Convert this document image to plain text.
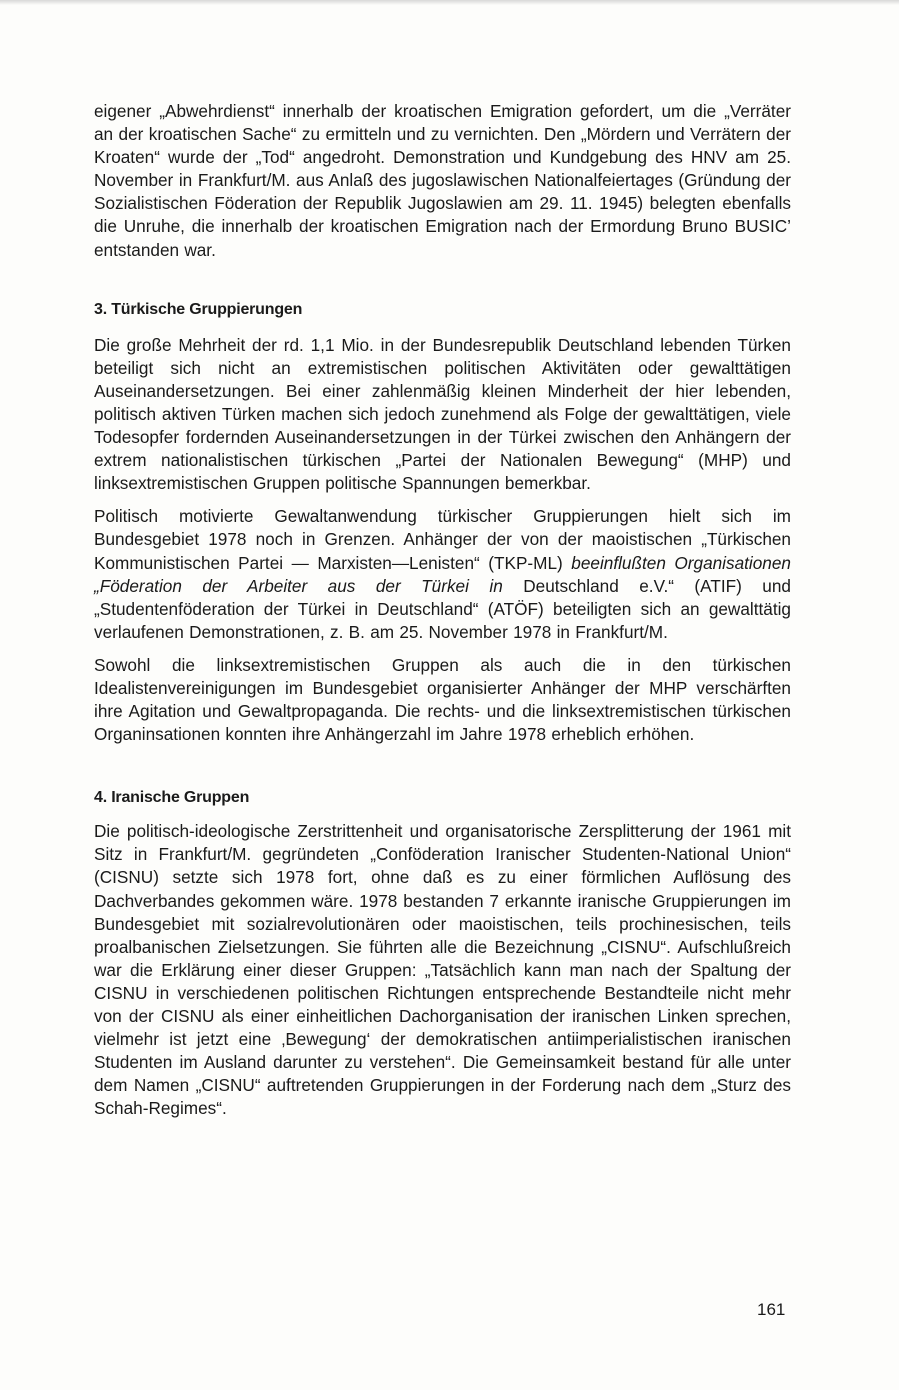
eigener „Abwehrdienst“ innerhalb der kroatischen Emigration gefordert, um die „Verräter an der kroatischen Sache“ zu ermitteln und zu vernichten. Den „Mördern und Verrätern der Kroaten“ wurde der „Tod“ angedroht. Demonstration und Kundgebung des HNV am 25. November in Frankfurt/M. aus Anlaß des jugoslawischen Nationalfeiertages (Gründung der Sozialistischen Föderation der Republik Jugoslawien am 29. 11. 1945) belegten ebenfalls die Unruhe, die innerhalb der kroatischen Emigration nach der Ermordung Bruno BUSIC’ entstanden war.

3. Türkische Gruppierungen

Die große Mehrheit der rd. 1,1 Mio. in der Bundesrepublik Deutschland lebenden Türken beteiligt sich nicht an extremistischen politischen Aktivitäten oder gewalttätigen Auseinandersetzungen. Bei einer zahlenmäßig kleinen Minderheit der hier lebenden, politisch aktiven Türken machen sich jedoch zunehmend als Folge der gewalttätigen, viele Todesopfer fordernden Auseinandersetzungen in der Türkei zwischen den Anhängern der extrem nationalistischen türkischen „Partei der Nationalen Bewegung“ (MHP) und linksextremistischen Gruppen politische Spannungen bemerkbar.

Politisch motivierte Gewaltanwendung türkischer Gruppierungen hielt sich im Bundesgebiet 1978 noch in Grenzen. Anhänger der von der maoistischen „Türkischen Kommunistischen Partei — Marxisten—Lenisten“ (TKP-ML) beeinflußten Organisationen „Föderation der Arbeiter aus der Türkei in Deutschland e.V.“ (ATIF) und „Studentenföderation der Türkei in Deutschland“ (ATÖF) beteiligten sich an gewalttätig verlaufenen Demonstrationen, z. B. am 25. November 1978 in Frankfurt/M.

Sowohl die linksextremistischen Gruppen als auch die in den türkischen Idealistenvereinigungen im Bundesgebiet organisierter Anhänger der MHP verschärften ihre Agitation und Gewaltpropaganda. Die rechts- und die linksextremistischen türkischen Organinsationen konnten ihre Anhängerzahl im Jahre 1978 erheblich erhöhen.

4. Iranische Gruppen

Die politisch-ideologische Zerstrittenheit und organisatorische Zersplitterung der 1961 mit Sitz in Frankfurt/M. gegründeten „Conföderation Iranischer Studenten-National Union“ (CISNU) setzte sich 1978 fort, ohne daß es zu einer förmlichen Auflösung des Dachverbandes gekommen wäre. 1978 bestanden 7 erkannte iranische Gruppierungen im Bundesgebiet mit sozialrevolutionären oder maoistischen, teils prochinesischen, teils proalbanischen Zielsetzungen. Sie führten alle die Bezeichnung „CISNU“. Aufschlußreich war die Erklärung einer dieser Gruppen: „Tatsächlich kann man nach der Spaltung der CISNU in verschiedenen politischen Richtungen entsprechende Bestandteile nicht mehr von der CISNU als einer einheitlichen Dachorganisation der iranischen Linken sprechen, vielmehr ist jetzt eine ‚Bewegung‘ der demokratischen antiimperialistischen iranischen Studenten im Ausland darunter zu verstehen“. Die Gemeinsamkeit bestand für alle unter dem Namen „CISNU“ auftretenden Gruppierungen in der Forderung nach dem „Sturz des Schah-Regimes“.

161
